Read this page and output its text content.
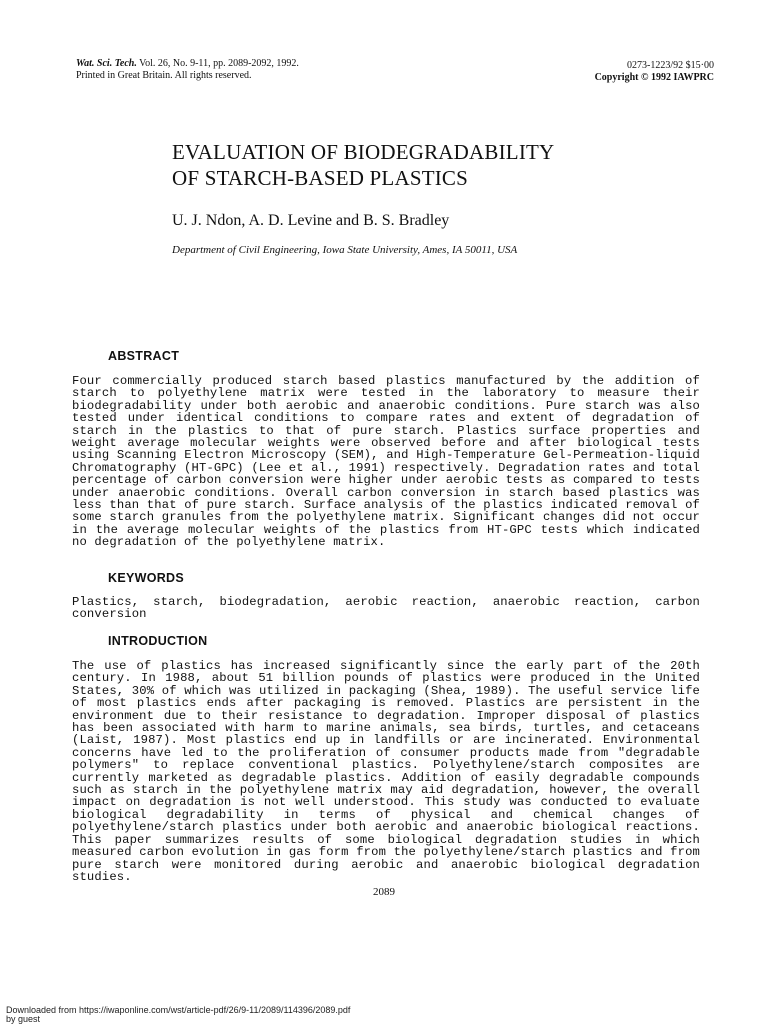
Wat. Sci. Tech. Vol. 26, No. 9-11, pp. 2089-2092, 1992.
Printed in Great Britain. All rights reserved.
0273-1223/92 $15·00
Copyright © 1992 IAWPRC
EVALUATION OF BIODEGRADABILITY
OF STARCH-BASED PLASTICS
U. J. Ndon, A. D. Levine and B. S. Bradley
Department of Civil Engineering, Iowa State University, Ames, IA 50011, USA
ABSTRACT
Four commercially produced starch based plastics manufactured by the addition of starch to polyethylene matrix were tested in the laboratory to measure their biodegradability under both aerobic and anaerobic conditions. Pure starch was also tested under identical conditions to compare rates and extent of degradation of starch in the plastics to that of pure starch. Plastics surface properties and weight average molecular weights were observed before and after biological tests using Scanning Electron Microscopy (SEM), and High-Temperature Gel-Permeation-liquid Chromatography (HT-GPC) (Lee et al., 1991) respectively. Degradation rates and total percentage of carbon conversion were higher under aerobic tests as compared to tests under anaerobic conditions. Overall carbon conversion in starch based plastics was less than that of pure starch. Surface analysis of the plastics indicated removal of some starch granules from the polyethylene matrix. Significant changes did not occur in the average molecular weights of the plastics from HT-GPC tests which indicated no degradation of the polyethylene matrix.
KEYWORDS
Plastics, starch, biodegradation, aerobic reaction, anaerobic reaction, carbon conversion
INTRODUCTION
The use of plastics has increased significantly since the early part of the 20th century. In 1988, about 51 billion pounds of plastics were produced in the United States, 30% of which was utilized in packaging (Shea, 1989). The useful service life of most plastics ends after packaging is removed. Plastics are persistent in the environment due to their resistance to degradation. Improper disposal of plastics has been associated with harm to marine animals, sea birds, turtles, and cetaceans (Laist, 1987). Most plastics end up in landfills or are incinerated. Environmental concerns have led to the proliferation of consumer products made from "degradable polymers" to replace conventional plastics. Polyethylene/starch composites are currently marketed as degradable plastics. Addition of easily degradable compounds such as starch in the polyethylene matrix may aid degradation, however, the overall impact on degradation is not well understood. This study was conducted to evaluate biological degradability in terms of physical and chemical changes of polyethylene/starch plastics under both aerobic and anaerobic biological reactions. This paper summarizes results of some biological degradation studies in which measured carbon evolution in gas form from the polyethylene/starch plastics and from pure starch were monitored during aerobic and anaerobic biological degradation studies.
2089
Downloaded from https://iwaponline.com/wst/article-pdf/26/9-11/2089/114396/2089.pdf
by guest
